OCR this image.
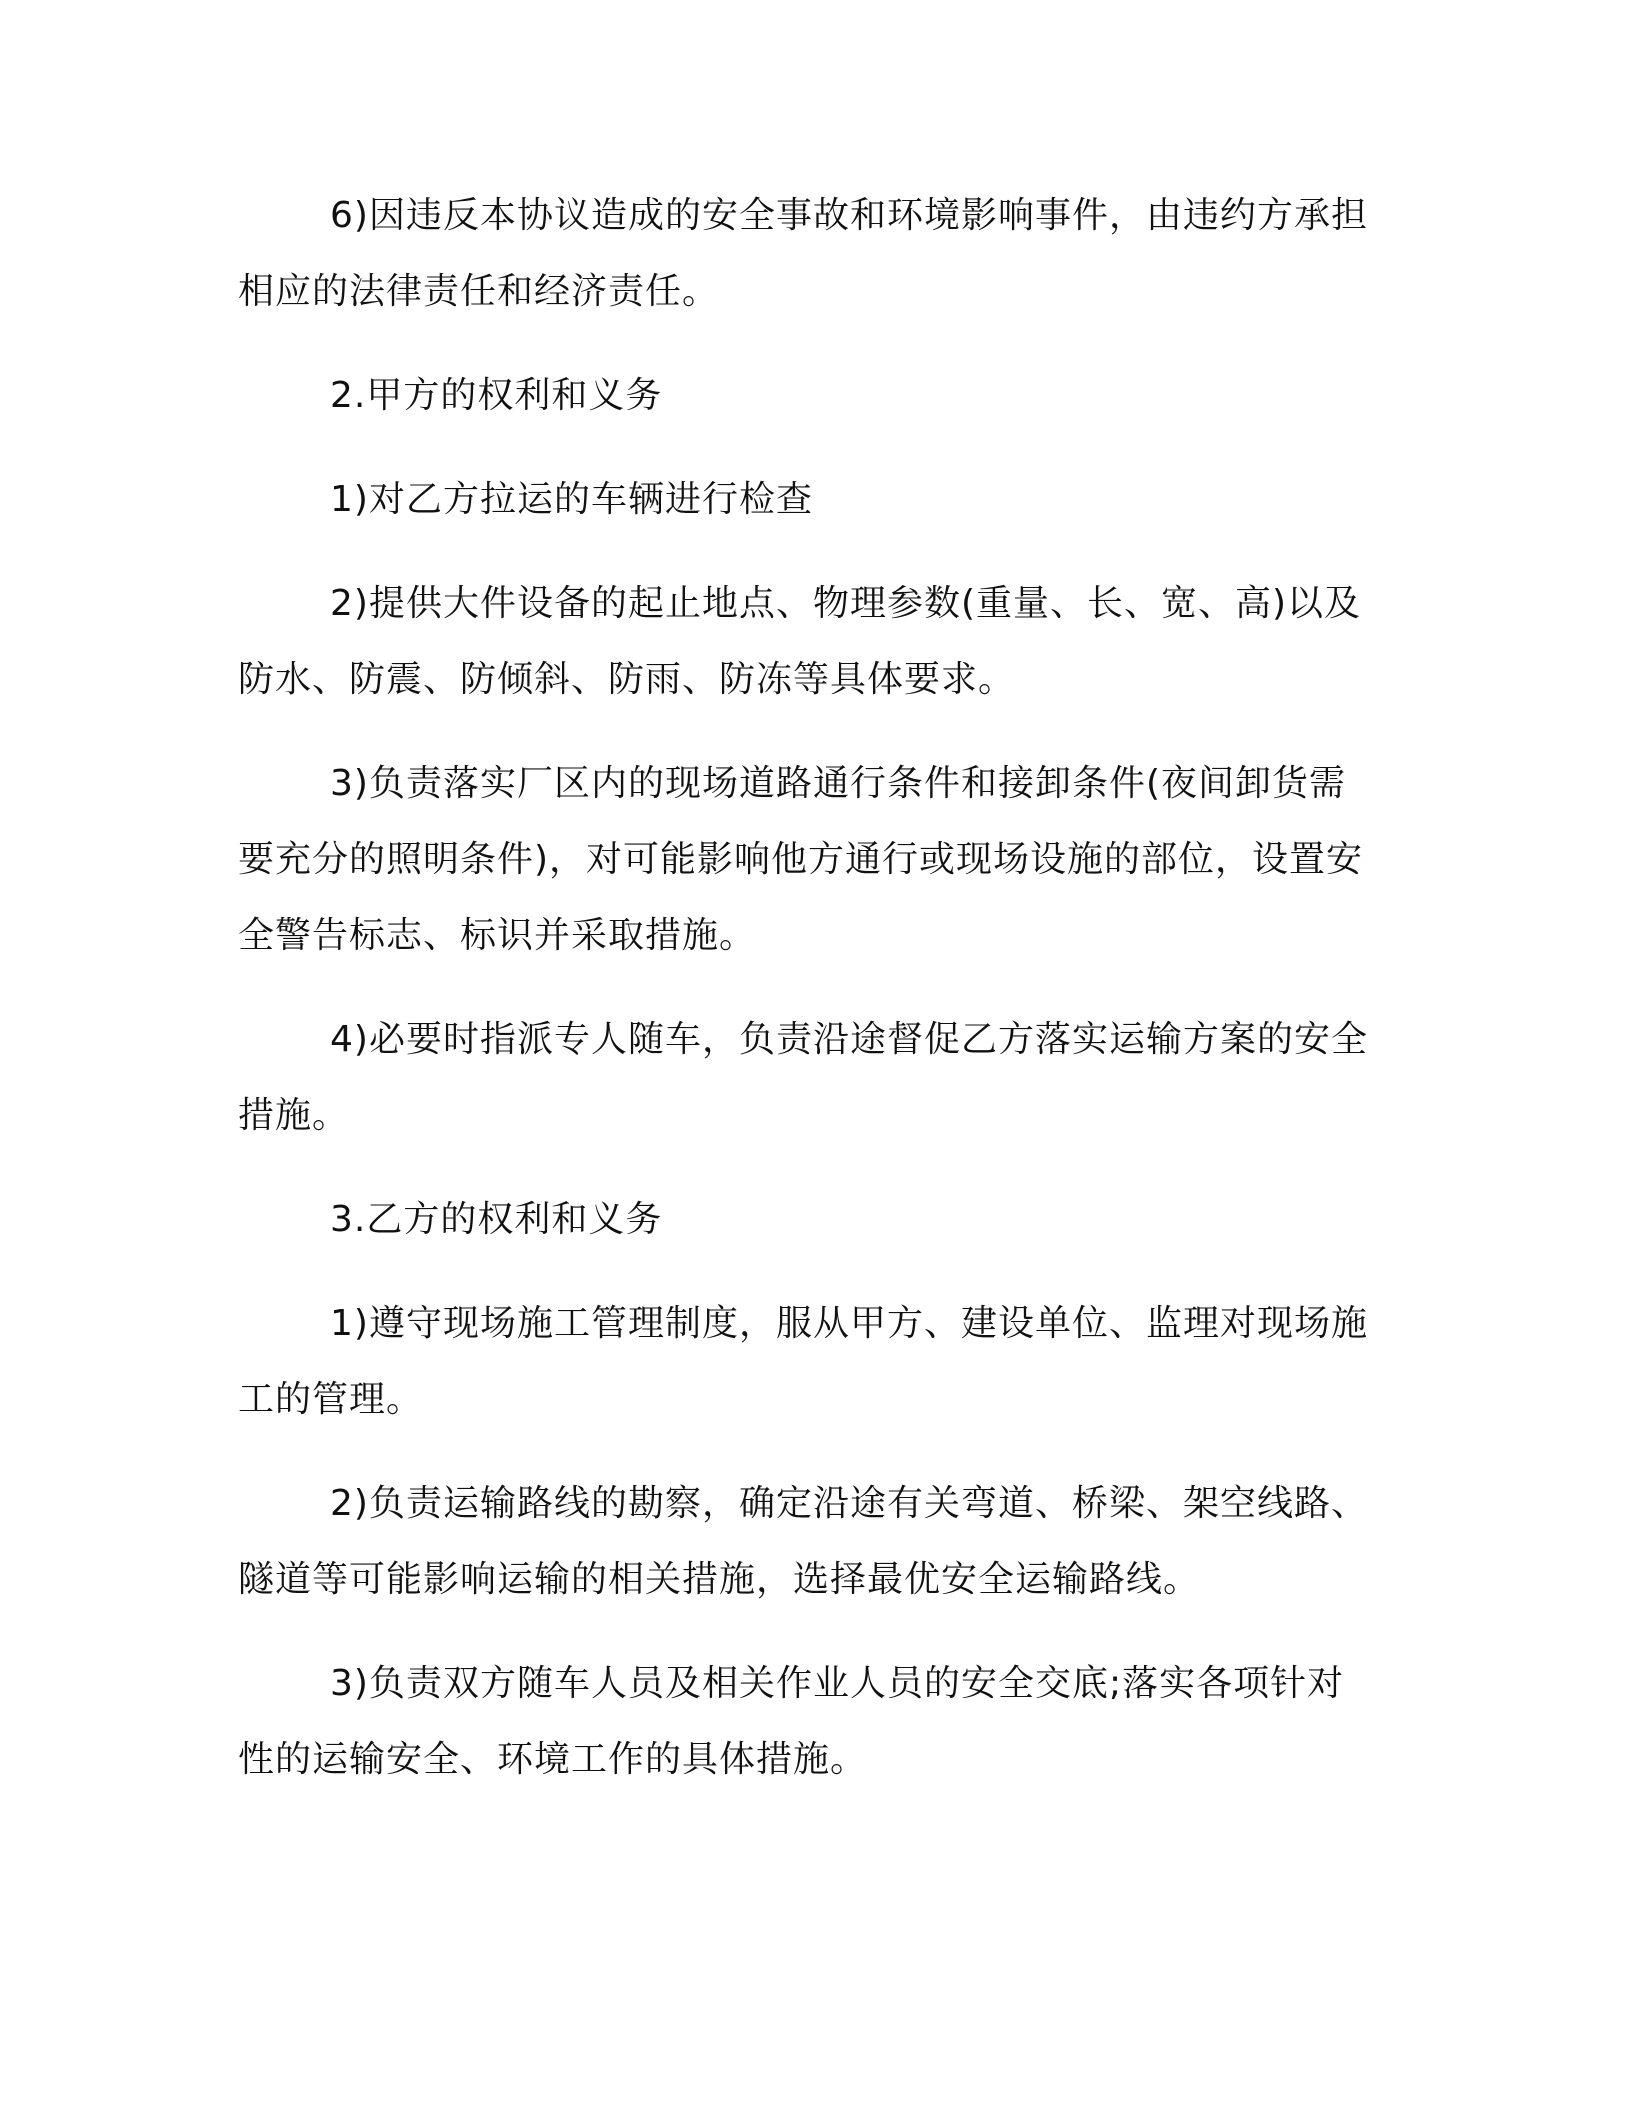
6)因违反本协议造成的安全事故和环境影响事件，由违约方承担相应的法律责任和经济责任。

2.甲方的权利和义务

1)对乙方拉运的车辆进行检查

2)提供大件设备的起止地点、物理参数(重量、长、宽、高)以及防水、防震、防倾斜、防雨、防冻等具体要求。

3)负责落实厂区内的现场道路通行条件和接卸条件(夜间卸货需要充分的照明条件)，对可能影响他方通行或现场设施的部位，设置安全警告标志、标识并采取措施。

4)必要时指派专人随车，负责沿途督促乙方落实运输方案的安全措施。

3.乙方的权利和义务

1)遵守现场施工管理制度，服从甲方、建设单位、监理对现场施工的管理。

2)负责运输路线的勘察，确定沿途有关弯道、桥梁、架空线路、隧道等可能影响运输的相关措施，选择最优安全运输路线。

3)负责双方随车人员及相关作业人员的安全交底;落实各项针对性的运输安全、环境工作的具体措施。
